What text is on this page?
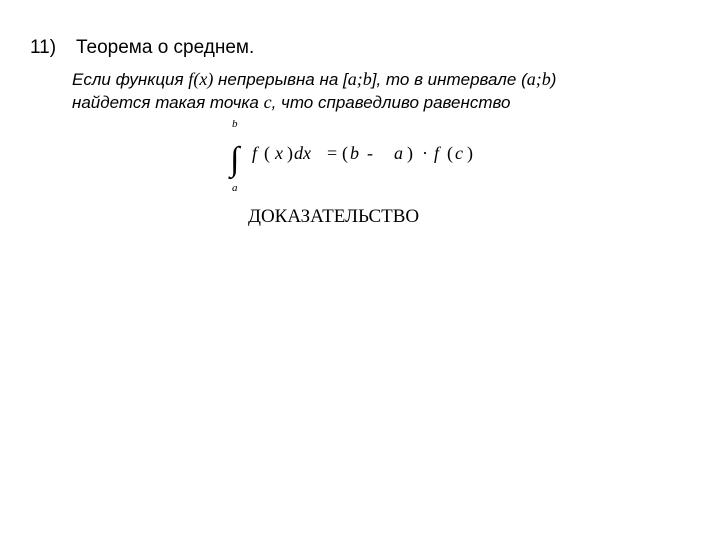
11) Теорема о среднем.
Если функция f(x) непрерывна на [a;b], то в интервале (a;b)
найдется такая точка c, что справедливо равенство
b
a
∫ f ( x ) dx = ( b - a ) · f ( c )
ДОКАЗАТЕЛЬСТВО
